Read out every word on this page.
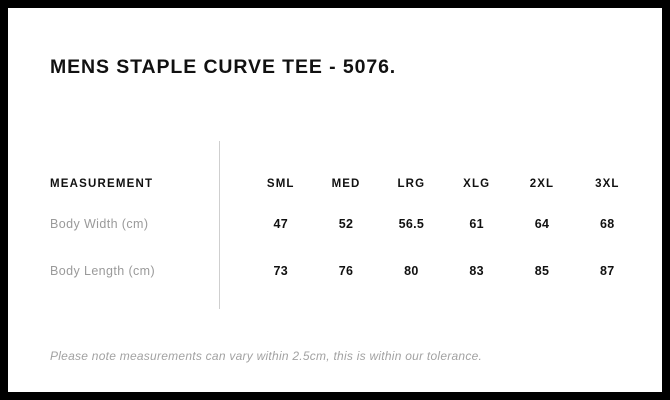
MENS STAPLE CURVE TEE - 5076.
MEASUREMENT	SML	MED	LRG	XLG	2XL	3XL
Body Width (cm)	47	52	56.5	61	64	68
Body Length (cm)	73	76	80	83	85	87
Please note measurements can vary within 2.5cm, this is within our tolerance.
